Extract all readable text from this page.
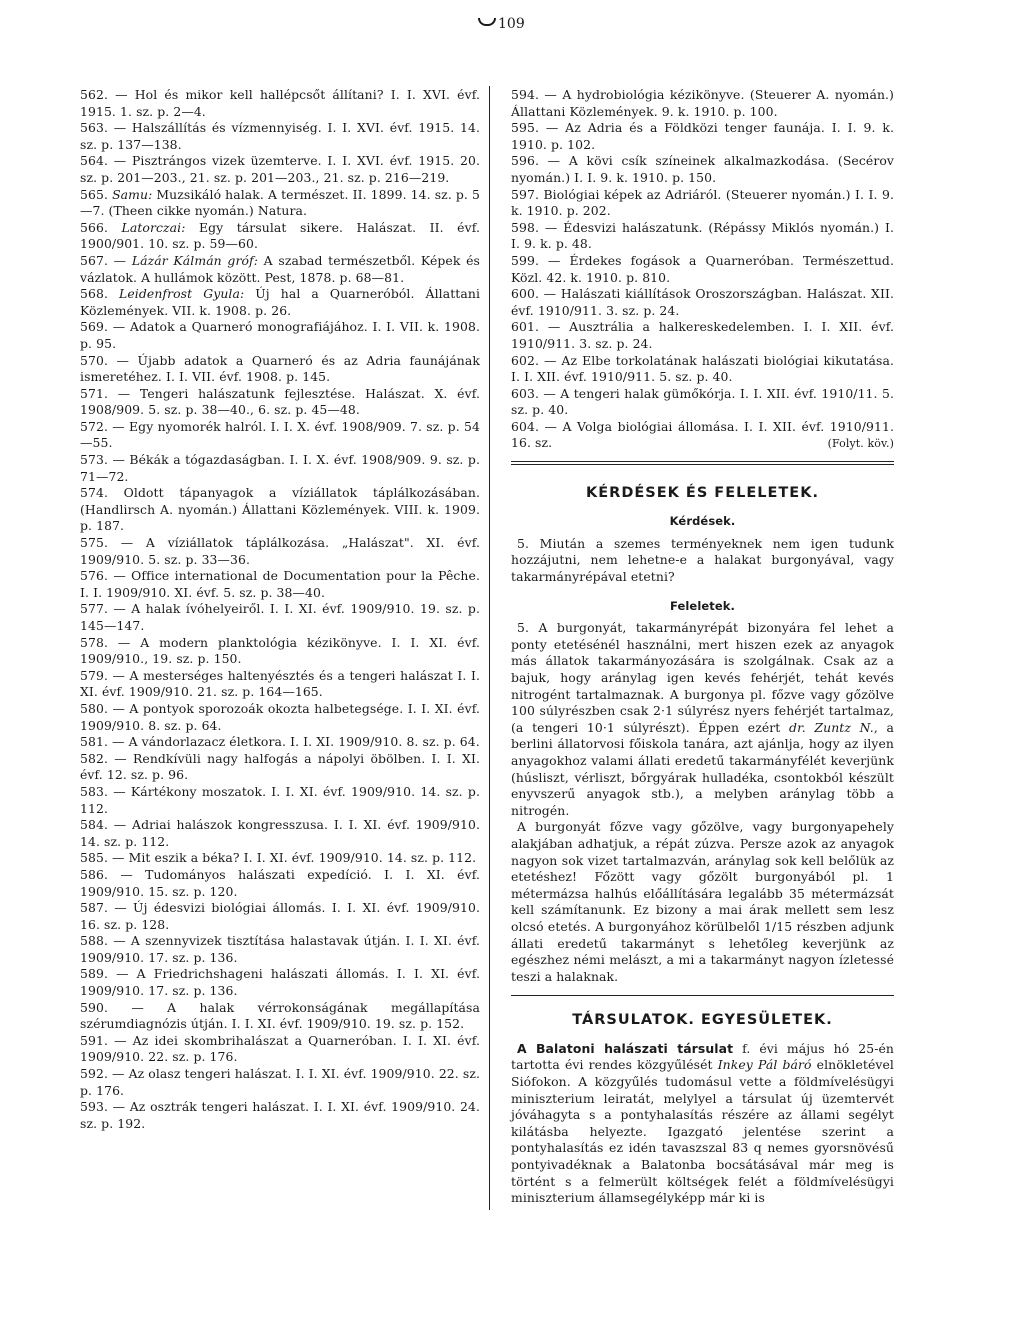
109
562. — Hol és mikor kell hallépcsőt állítani? I. I. XVI. évf. 1915. 1. sz. p. 2—4.
563. — Halszállítás és vízmennyiség. I. I. XVI. évf. 1915. 14. sz. p. 137—138.
564. — Pisztrángos vizek üzemterve. I. I. XVI. évf. 1915. 20. sz. p. 201—203., 21. sz. p. 201—203., 21. sz. p. 216—219.
565. Samu: Muzsikáló halak. A természet. II. 1899. 14. sz. p. 5—7. (Theen cikke nyomán.) Natura.
566. Latorczai: Egy társulat sikere. Halászat. II. évf. 1900/901. 10. sz. p. 59—60.
567. — Lázár Kálmán gróf: A szabad természetből. Képek és vázlatok. A hullámok között. Pest, 1878. p. 68—81.
568. Leidenfrost Gyula: Új hal a Quarneróból. Állattani Közlemények. VII. k. 1908. p. 26.
569. — Adatok a Quarneró monografiájához. I. I. VII. k. 1908. p. 95.
570. — Újabb adatok a Quarneró és az Adria faunájának ismeretéhez. I. I. VII. évf. 1908. p. 145.
571. — Tengeri halászatunk fejlesztése. Halászat. X. évf. 1908/909. 5. sz. p. 38—40., 6. sz. p. 45—48.
572. — Egy nyomorék halról. I. I. X. évf. 1908/909. 7. sz. p. 54—55.
573. — Békák a tógazdaságban. I. I. X. évf. 1908/909. 9. sz. p. 71—72.
574. Oldott tápanyagok a víziállatok táplálkozásában. (Handlirsch A. nyomán.) Állattani Közlemények. VIII. k. 1909. p. 187.
575. — A víziállatok táplálkozása. „Halászat". XI. évf. 1909/910. 5. sz. p. 33—36.
576. — Office international de Documentation pour la Pêche. I. I. 1909/910. XI. évf. 5. sz. p. 38—40.
577. — A halak ívóhelyeiről. I. I. XI. évf. 1909/910. 19. sz. p. 145—147.
578. — A modern planktológia kézikönyve. I. I. XI. évf. 1909/910., 19. sz. p. 150.
579. — A mesterséges haltenyésztés és a tengeri halászat I. I. XI. évf. 1909/910. 21. sz. p. 164—165.
580. — A pontyok sporozoák okozta halbetegsége. I. I. XI. évf. 1909/910. 8. sz. p. 64.
581. — A vándorlazacz életkora. I. I. XI. 1909/910. 8. sz. p. 64.
582. — Rendkívüli nagy halfogás a nápolyi öbölben. I. I. XI. évf. 12. sz. p. 96.
583. — Kártékony moszatok. I. I. XI. évf. 1909/910. 14. sz. p. 112.
584. — Adriai halászok kongresszusa. I. I. XI. évf. 1909/910. 14. sz. p. 112.
585. — Mit eszik a béka? I. I. XI. évf. 1909/910. 14. sz. p. 112.
586. — Tudományos halászati expedíció. I. I. XI. évf. 1909/910. 15. sz. p. 120.
587. — Új édesvizi biológiai állomás. I. I. XI. évf. 1909/910. 16. sz. p. 128.
588. — A szennyvizek tisztítása halastavak útján. I. I. XI. évf. 1909/910. 17. sz. p. 136.
589. — A Friedrichshageni halászati állomás. I. I. XI. évf. 1909/910. 17. sz. p. 136.
590. — A halak vérrokonságának megállapítása szérumdiagnózis útján. I. I. XI. évf. 1909/910. 19. sz. p. 152.
591. — Az idei skombrihalászat a Quarneróban. I. I. XI. évf. 1909/910. 22. sz. p. 176.
592. — Az olasz tengeri halászat. I. I. XI. évf. 1909/910. 22. sz. p. 176.
593. — Az osztrák tengeri halászat. I. I. XI. évf. 1909/910. 24. sz. p. 192.
594. — A hydrobiológia kézikönyve. (Steuerer A. nyomán.) Állattani Közlemények. 9. k. 1910. p. 100.
595. — Az Adria és a Földközi tenger faunája. I. I. 9. k. 1910. p. 102.
596. — A kövi csík színeinek alkalmazkodása. (Secérov nyomán.) I. I. 9. k. 1910. p. 150.
597. Biológiai képek az Adriáról. (Steuerer nyomán.) I. I. 9. k. 1910. p. 202.
598. — Édesvizi halászatunk. (Répássy Miklós nyomán.) I. I. 9. k. p. 48.
599. — Érdekes fogások a Quarneróban. Természettud. Közl. 42. k. 1910. p. 810.
600. — Halászati kiállítások Oroszországban. Halászat. XII. évf. 1910/911. 3. sz. p. 24.
601. — Ausztrália a halkereskedelemben. I. I. XII. évf. 1910/911. 3. sz. p. 24.
602. — Az Elbe torkolatának halászati biológiai kikutatása. I. I. XII. évf. 1910/911. 5. sz. p. 40.
603. — A tengeri halak gümőkórja. I. I. XII. évf. 1910/11. 5. sz. p. 40.
604. — A Volga biológiai állomása. I. I. XII. évf. 1910/911. 16. sz.	(Folyt. köv.)
KÉRDÉSEK ÉS FELELETEK.
Kérdések.

5. Miután a szemes terményeknek nem igen tudunk hozzájutni, nem lehetne-e a halakat burgonyával, vagy takarmányrépával etetni?

Feleletek.

5. A burgonyát, takarmányrépát bizonyára fel lehet a ponty etetésénél használni, mert hiszen ezek az anyagok más állatok takarmányozására is szolgálnak. Csak az a bajuk, hogy aránylag igen kevés fehérjét, tehát kevés nitrogént tartalmaznak. A burgonya pl. főzve vagy gőzölve 100 súlyrészben csak 2·1 súlyrész nyers fehérjét tartalmaz, (a tengeri 10·1 súlyrészt). Éppen ezért dr. Zuntz N., a berlini állatorvosi főiskola tanára, azt ajánlja, hogy az ilyen anyagokhoz valami állati eredetű takarmányfélét keverjünk (húsliszt, vérliszt, bőrgyárak hulladéka, csontokból készült enyvszerű anyagok stb.), a melyben aránylag több a nitrogén.

A burgonyát főzve vagy gőzölve, vagy burgonyapehely alakjában adhatjuk, a répát zúzva. Persze azok az anyagok nagyon sok vizet tartalmazván, aránylag sok kell belőlük az etetéshez! Főzött vagy gőzölt burgonyából pl. 1 métermázsa halhús előállítására legalább 35 métermázsát kell számítanunk. Ez bizony a mai árak mellett sem lesz olcsó etetés. A burgonyához körülbelől 1/15 részben adjunk állati eredetű takarmányt s lehetőleg keverjünk az egészhez némi melászt, a mi a takarmányt nagyon ízletessé teszi a halaknak.

TÁRSULATOK. EGYESÜLETEK.

A Balatoni halászati társulat f. évi május hó 25-én tartotta évi rendes közgyűlését Inkey Pál báró elnökletével Siófokon. A közgyűlés tudomásul vette a földmívelésügyi miniszterium leiratát, melylyel a társulat új üzemtervét jóváhagyta s a pontyhalasítás részére az állami segélyt kilátásba helyezte. Igazgató jelentése szerint a pontyhalasítás ez idén tavaszszal 83 q nemes gyorsnövésű pontyivadéknak a Balatonba bocsátásával már meg is történt s a felmerült költségek felét a földmívelésügyi miniszterium államsegélyképp már ki is
